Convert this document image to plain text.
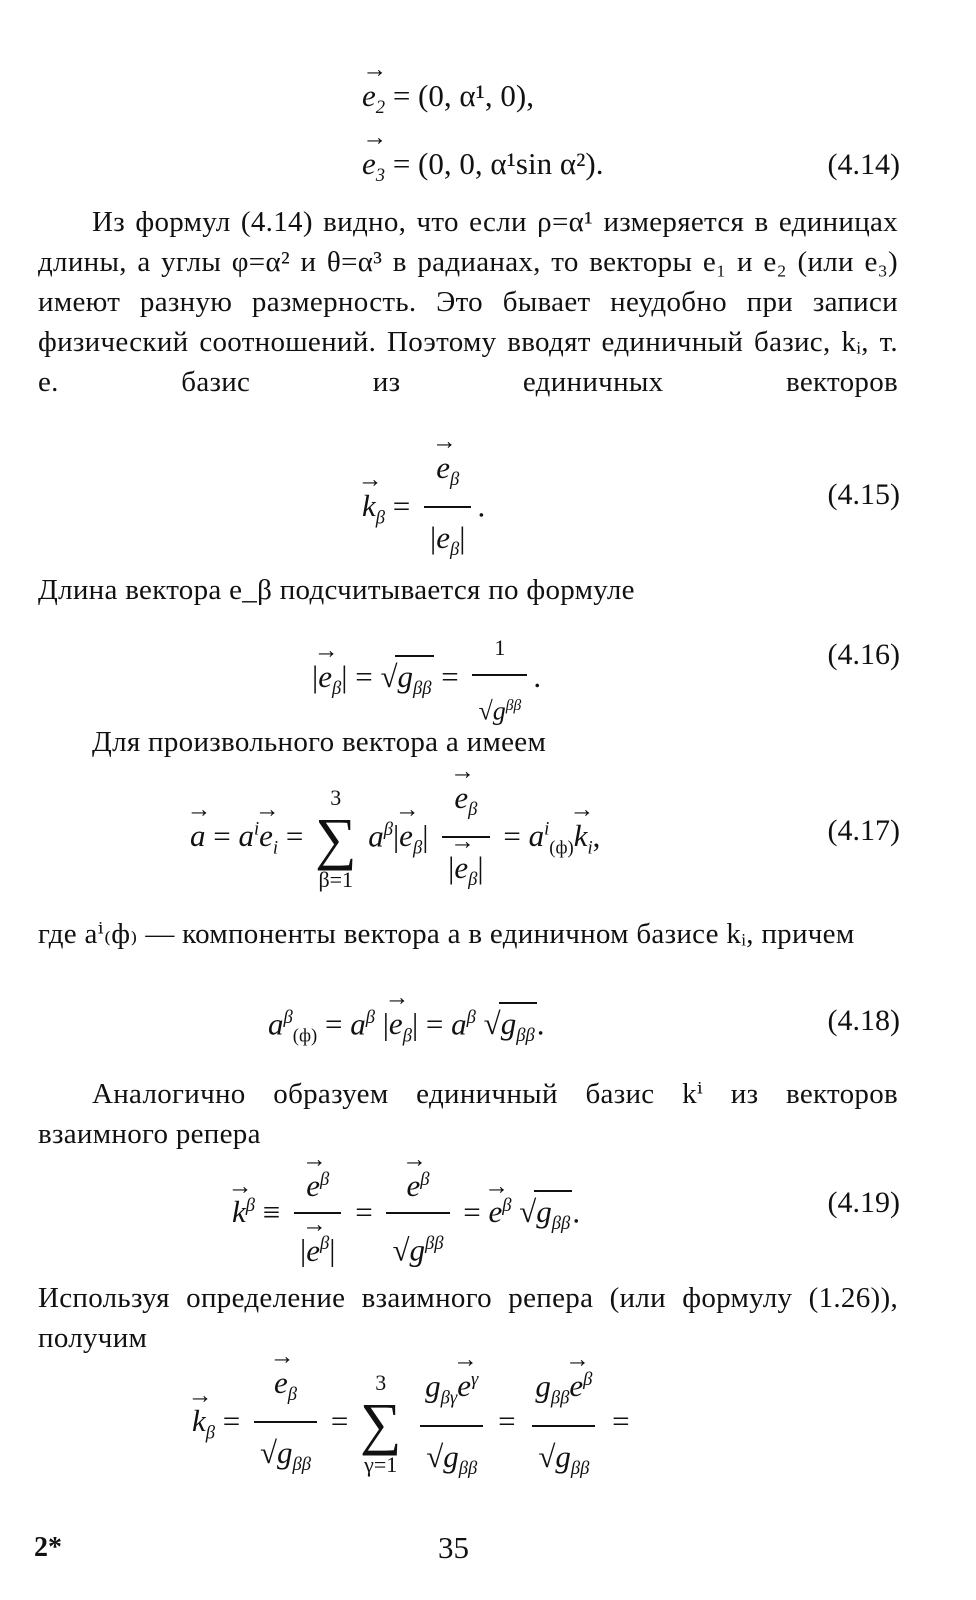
→ $e_2 = (0$, α¹, 0),
→ $e_3 = (0$, 0, α¹sin α²).	(4.14)
Из формул (4.14) видно, что если ρ=α¹ измеряется в единицах длины, а углы φ=α² и θ=α³ в радианах, то векторы e₁ и e₂ (или e₃) имеют разную размерность. Это бывает неудобно при записи физический соотношений. Поэтому вводят единичный базис, kᵢ, т. е. базис из единичных векторов
→ $k_\beta$ =
→ $\frac{e_\beta}{|e_\beta|}$ .	(4.15)
Длина вектора e_β подсчитывается по формуле
|→ $e_\beta| = √g_{\beta\beta} = \frac{1}{√g^{\beta\beta}}$ .
(4.16)
Для произвольного вектора a имеем
→ $a = a^i\to e_i$ =
3
∑
β=1
$a^\beta|\to e_\beta|$
→ $\frac{e_\beta}{|\to e_\beta|} = a^i_{(ф)}\to k_i$,	(4.17)
где aⁱ₍ф₎ — компоненты вектора a в единичном базисе kᵢ, причем
$a^\beta_{(ф)} = a^\beta$ |→ $e_\beta| = a^\beta$ $√g_{\beta\beta}$.	(4.18)
Аналогично образуем единичный базис kⁱ из векторов взаимного репера
→ $k^\beta$ ≡
→ $\frac{e^\beta}{|\to e^\beta|}$ =
→ $\frac{e^\beta}{√g^{\beta\beta}}$ = → $e^\beta$ $√g_{\beta\beta}$.	(4.19)
Используя определение взаимного репера (или формулу (1.26)), получим
→ $k_\beta$ =
→ $\frac{e_\beta}{√g_{\beta\beta}}$ =
3
∑
γ=1
$\frac{g_{\beta\gamma}\to e^\gamma}{√g_{\beta\beta}} = \frac{g_{\beta\beta}\to e^\beta}{√g_{\beta\beta}}$ =
2*	35
